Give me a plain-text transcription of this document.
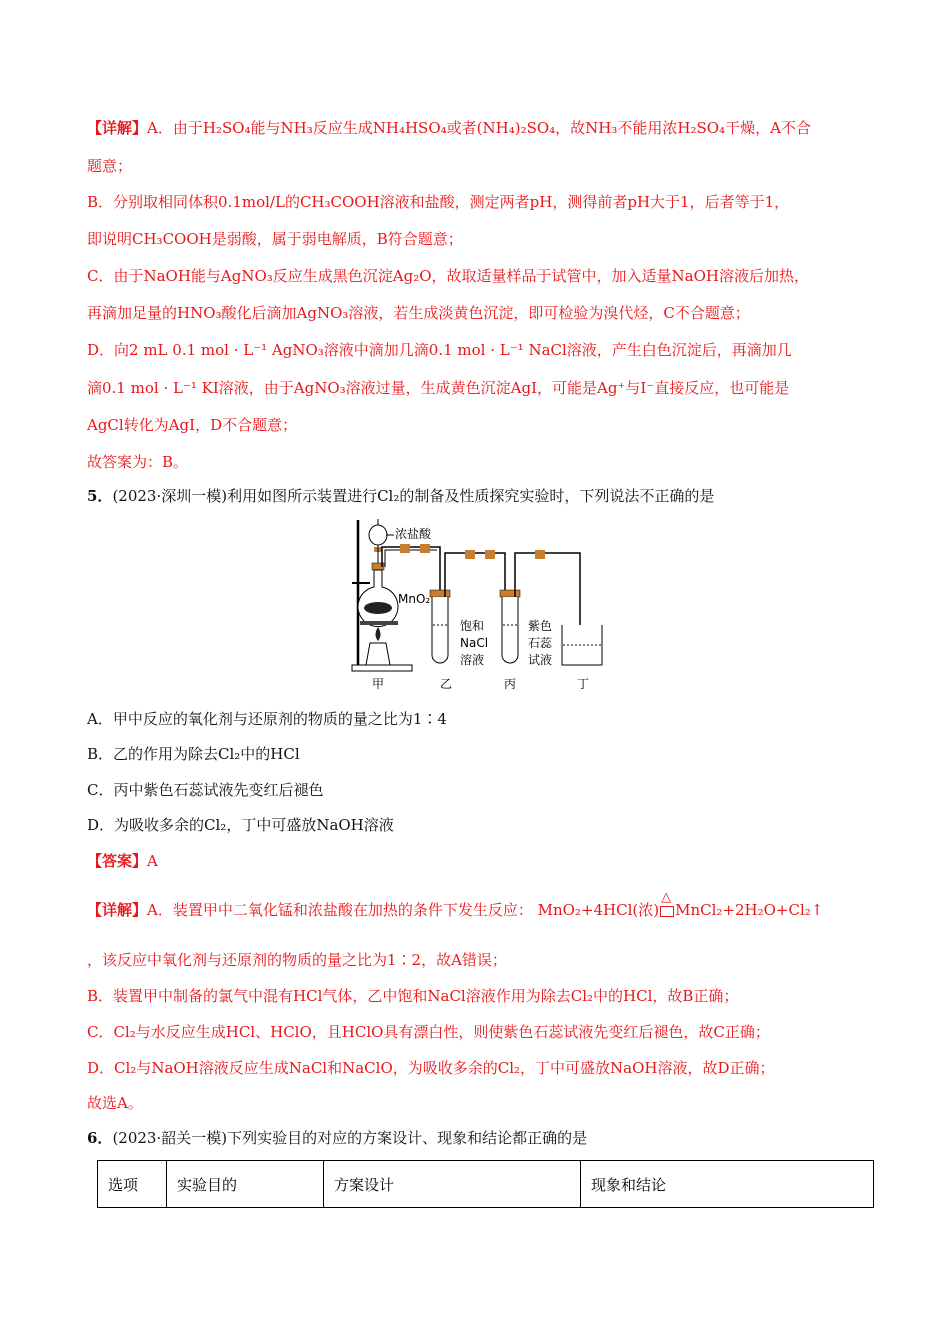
【详解】A．由于H₂SO₄能与NH₃反应生成NH₄HSO₄或者(NH₄)₂SO₄，故NH₃不能用浓H₂SO₄干燥，A不合
题意；
B．分别取相同体积0.1mol/L的CH₃COOH溶液和盐酸，测定两者pH，测得前者pH大于1，后者等于1，
即说明CH₃COOH是弱酸，属于弱电解质，B符合题意；
C．由于NaOH能与AgNO₃反应生成黑色沉淀Ag₂O，故取适量样品于试管中，加入适量NaOH溶液后加热，
再滴加足量的HNO₃酸化后滴加AgNO₃溶液，若生成淡黄色沉淀，即可检验为溴代烃，C不合题意；
D．向2 mL 0.1 mol · L⁻¹ AgNO₃溶液中滴加几滴0.1 mol · L⁻¹ NaCl溶液，产生白色沉淀后，再滴加几
滴0.1 mol · L⁻¹ KI溶液，由于AgNO₃溶液过量，生成黄色沉淀AgI，可能是Ag⁺与I⁻直接反应，也可能是
AgCl转化为AgI，D不合题意；
故答案为：B。
5．(2023·深圳一模)利用如图所示装置进行Cl₂的制备及性质探究实验时，下列说法不正确的是
浓盐酸
MnO₂
饱和
NaCl
溶液
紫色
石蕊
试液
甲	乙	丙	丁
A．甲中反应的氧化剂与还原剂的物质的量之比为1∶4
B．乙的作用为除去Cl₂中的HCl
C．丙中紫色石蕊试液先变红后褪色
D．为吸收多余的Cl₂，丁中可盛放NaOH溶液
【答案】A
【详解】A．装置甲中二氧化锰和浓盐酸在加热的条件下发生反应： MnO₂+4HCl(浓)
△
MnCl₂+2H₂O+Cl₂↑
，该反应中氧化剂与还原剂的物质的量之比为1∶2，故A错误；
B．装置甲中制备的氯气中混有HCl气体，乙中饱和NaCl溶液作用为除去Cl₂中的HCl，故B正确；
C．Cl₂与水反应生成HCl、HClO，且HClO具有漂白性，则使紫色石蕊试液先变红后褪色，故C正确；
D．Cl₂与NaOH溶液反应生成NaCl和NaClO，为吸收多余的Cl₂，丁中可盛放NaOH溶液，故D正确；
故选A。
6．(2023·韶关一模)下列实验目的对应的方案设计、现象和结论都正确的是
选项	实验目的	方案设计	现象和结论
